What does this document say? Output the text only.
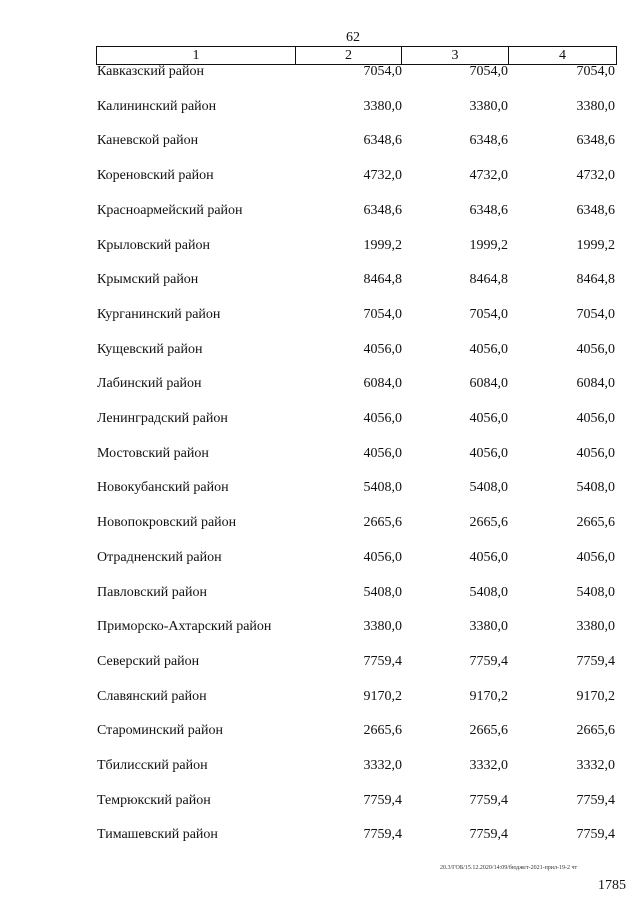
62
1	2	3	4
Кавказский район	7054,0	7054,0	7054,0
Калининский район	3380,0	3380,0	3380,0
Каневской район	6348,6	6348,6	6348,6
Кореновский район	4732,0	4732,0	4732,0
Красноармейский район	6348,6	6348,6	6348,6
Крыловский район	1999,2	1999,2	1999,2
Крымский район	8464,8	8464,8	8464,8
Курганинский район	7054,0	7054,0	7054,0
Кущевский район	4056,0	4056,0	4056,0
Лабинский район	6084,0	6084,0	6084,0
Ленинградский район	4056,0	4056,0	4056,0
Мостовский район	4056,0	4056,0	4056,0
Новокубанский район	5408,0	5408,0	5408,0
Новопокровский район	2665,6	2665,6	2665,6
Отрадненский район	4056,0	4056,0	4056,0
Павловский район	5408,0	5408,0	5408,0
Приморско-Ахтарский район	3380,0	3380,0	3380,0
Северский район	7759,4	7759,4	7759,4
Славянский район	9170,2	9170,2	9170,2
Староминский район	2665,6	2665,6	2665,6
Тбилисский район	3332,0	3332,0	3332,0
Темрюкский район	7759,4	7759,4	7759,4
Тимашевский район	7759,4	7759,4	7759,4
20.3/ГОБ/15.12.2020/14:09/бюджет-2021-прил-19-2 чт
1785
